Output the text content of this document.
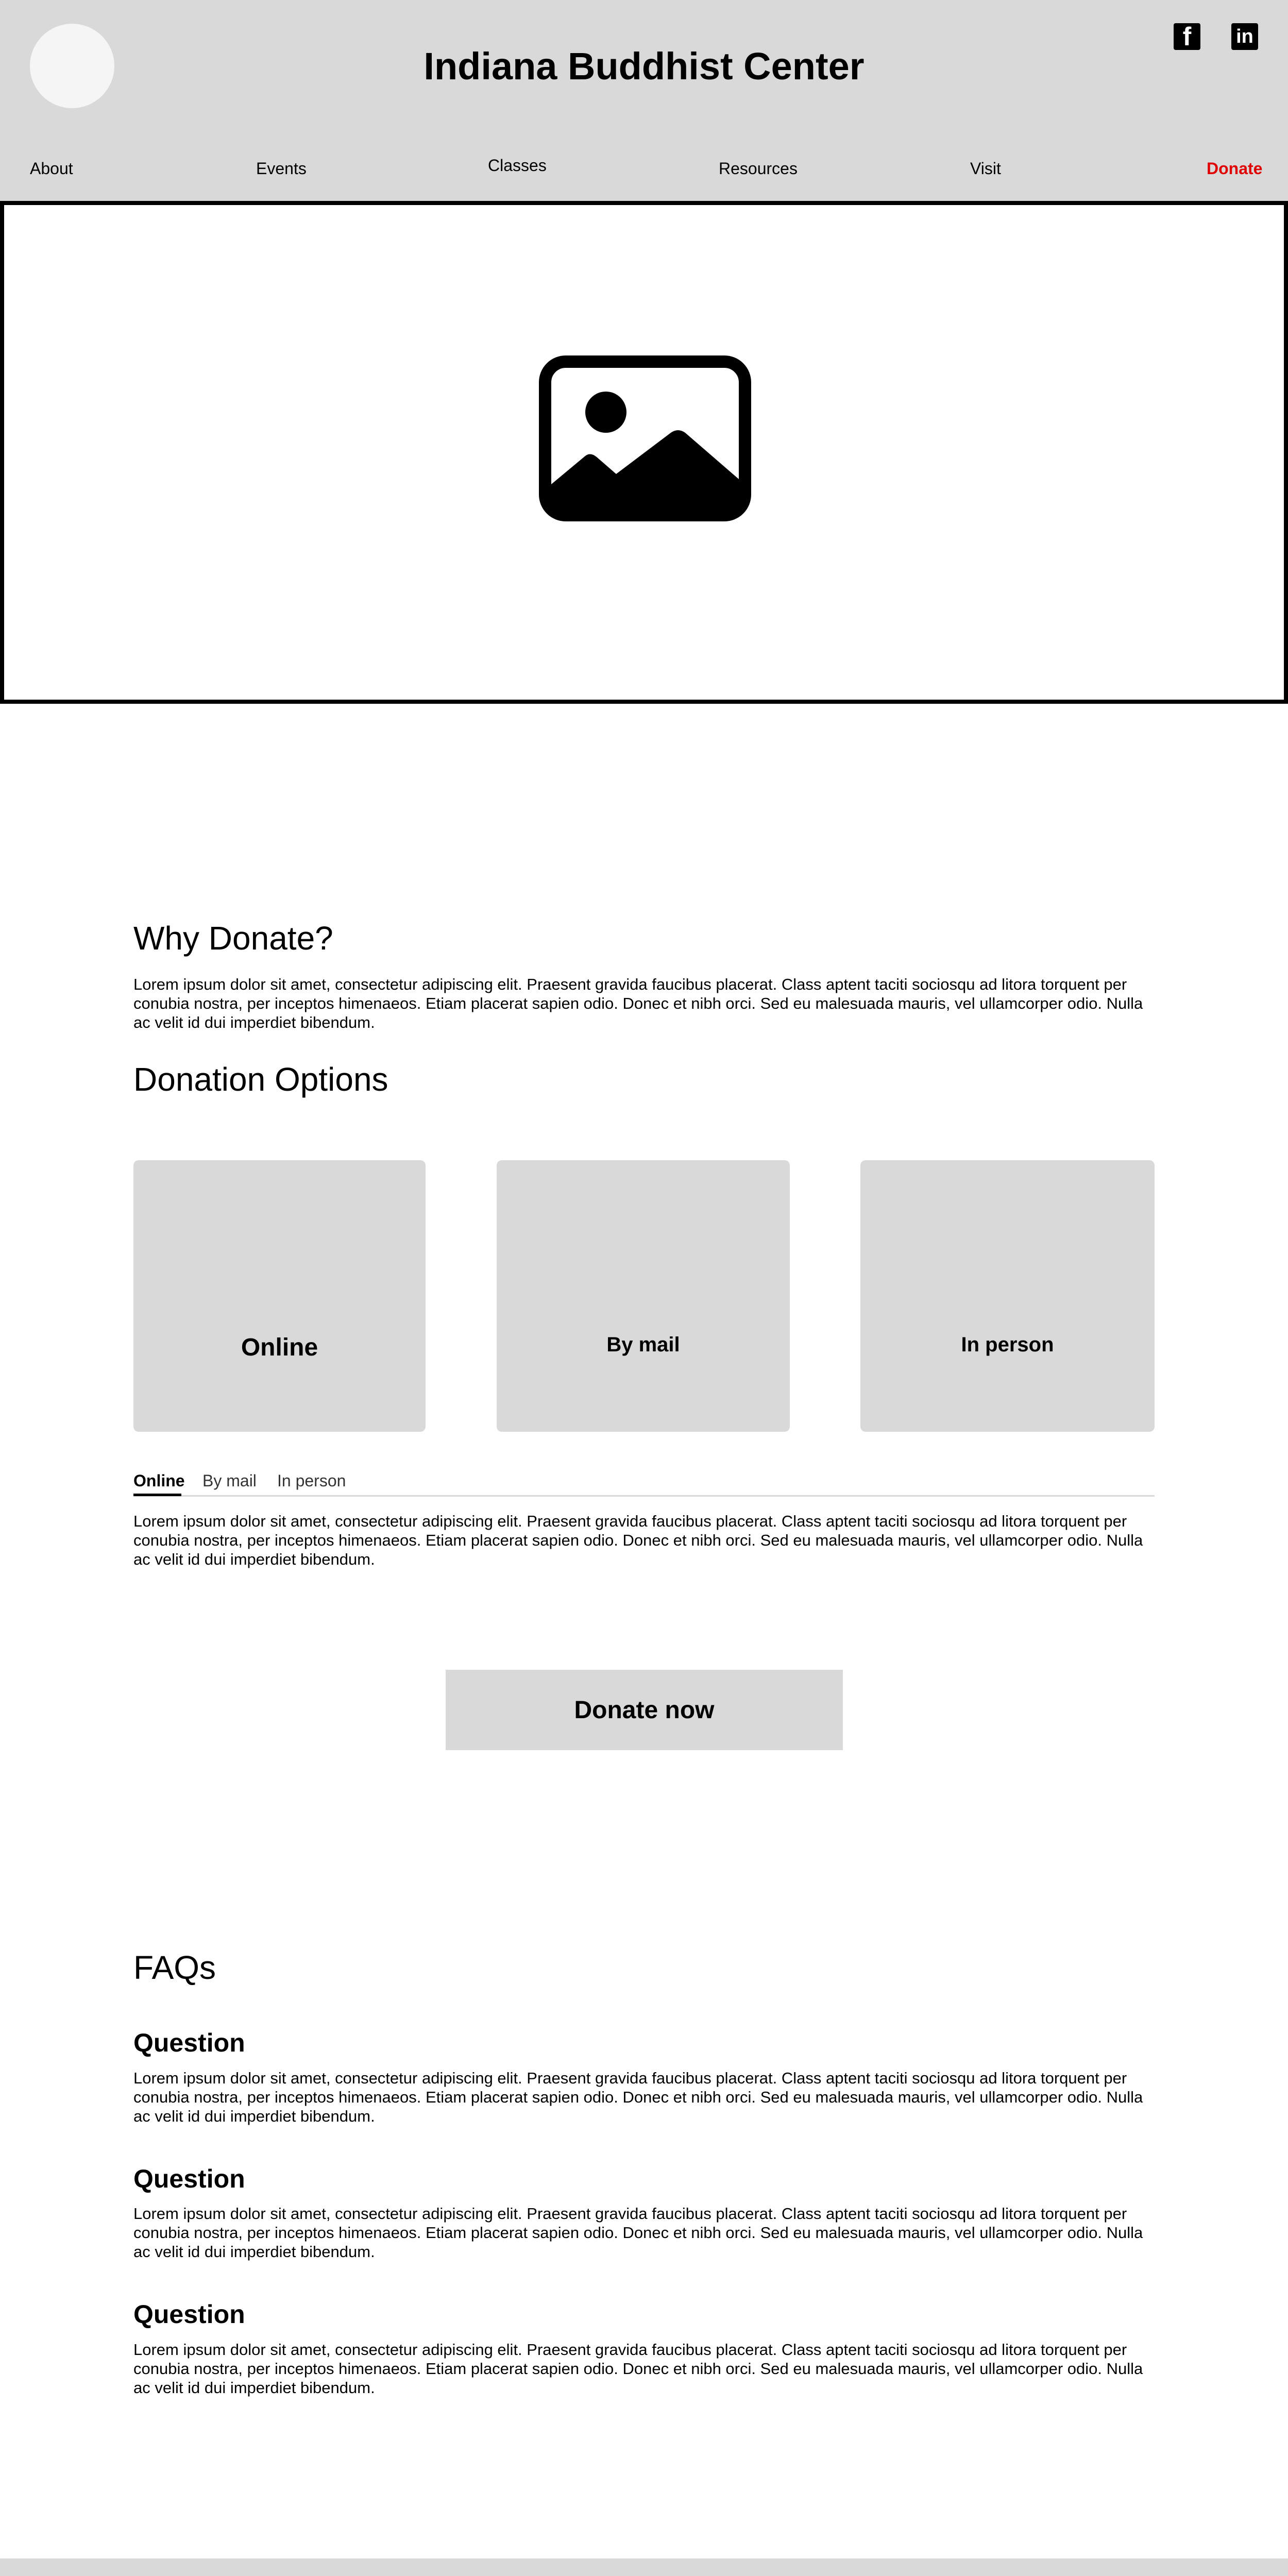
Indiana Buddhist Center
f	in
About	Events	Classes	Resources	Visit	Donate
Why Donate?

Lorem ipsum dolor sit amet, consectetur adipiscing elit. Praesent gravida faucibus placerat. Class aptent taciti sociosqu ad litora torquent per conubia nostra, per inceptos himenaeos. Etiam placerat sapien odio. Donec et nibh orci. Sed eu malesuada mauris, vel ullamcorper odio. Nulla ac velit id dui imperdiet bibendum.

Donation Options
Online	By mail	In person
Online By mail In person

Lorem ipsum dolor sit amet, consectetur adipiscing elit. Praesent gravida faucibus placerat. Class aptent taciti sociosqu ad litora torquent per conubia nostra, per inceptos himenaeos. Etiam placerat sapien odio. Donec et nibh orci. Sed eu malesuada mauris, vel ullamcorper odio. Nulla ac velit id dui imperdiet bibendum.

Donate now
FAQs
Question

Lorem ipsum dolor sit amet, consectetur adipiscing elit. Praesent gravida faucibus placerat. Class aptent taciti sociosqu ad litora torquent per conubia nostra, per inceptos himenaeos. Etiam placerat sapien odio. Donec et nibh orci. Sed eu malesuada mauris, vel ullamcorper odio. Nulla ac velit id dui imperdiet bibendum.

Question

Lorem ipsum dolor sit amet, consectetur adipiscing elit. Praesent gravida faucibus placerat. Class aptent taciti sociosqu ad litora torquent per conubia nostra, per inceptos himenaeos. Etiam placerat sapien odio. Donec et nibh orci. Sed eu malesuada mauris, vel ullamcorper odio. Nulla ac velit id dui imperdiet bibendum.

Question

Lorem ipsum dolor sit amet, consectetur adipiscing elit. Praesent gravida faucibus placerat. Class aptent taciti sociosqu ad litora torquent per conubia nostra, per inceptos himenaeos. Etiam placerat sapien odio. Donec et nibh orci. Sed eu malesuada mauris, vel ullamcorper odio. Nulla ac velit id dui imperdiet bibendum.
